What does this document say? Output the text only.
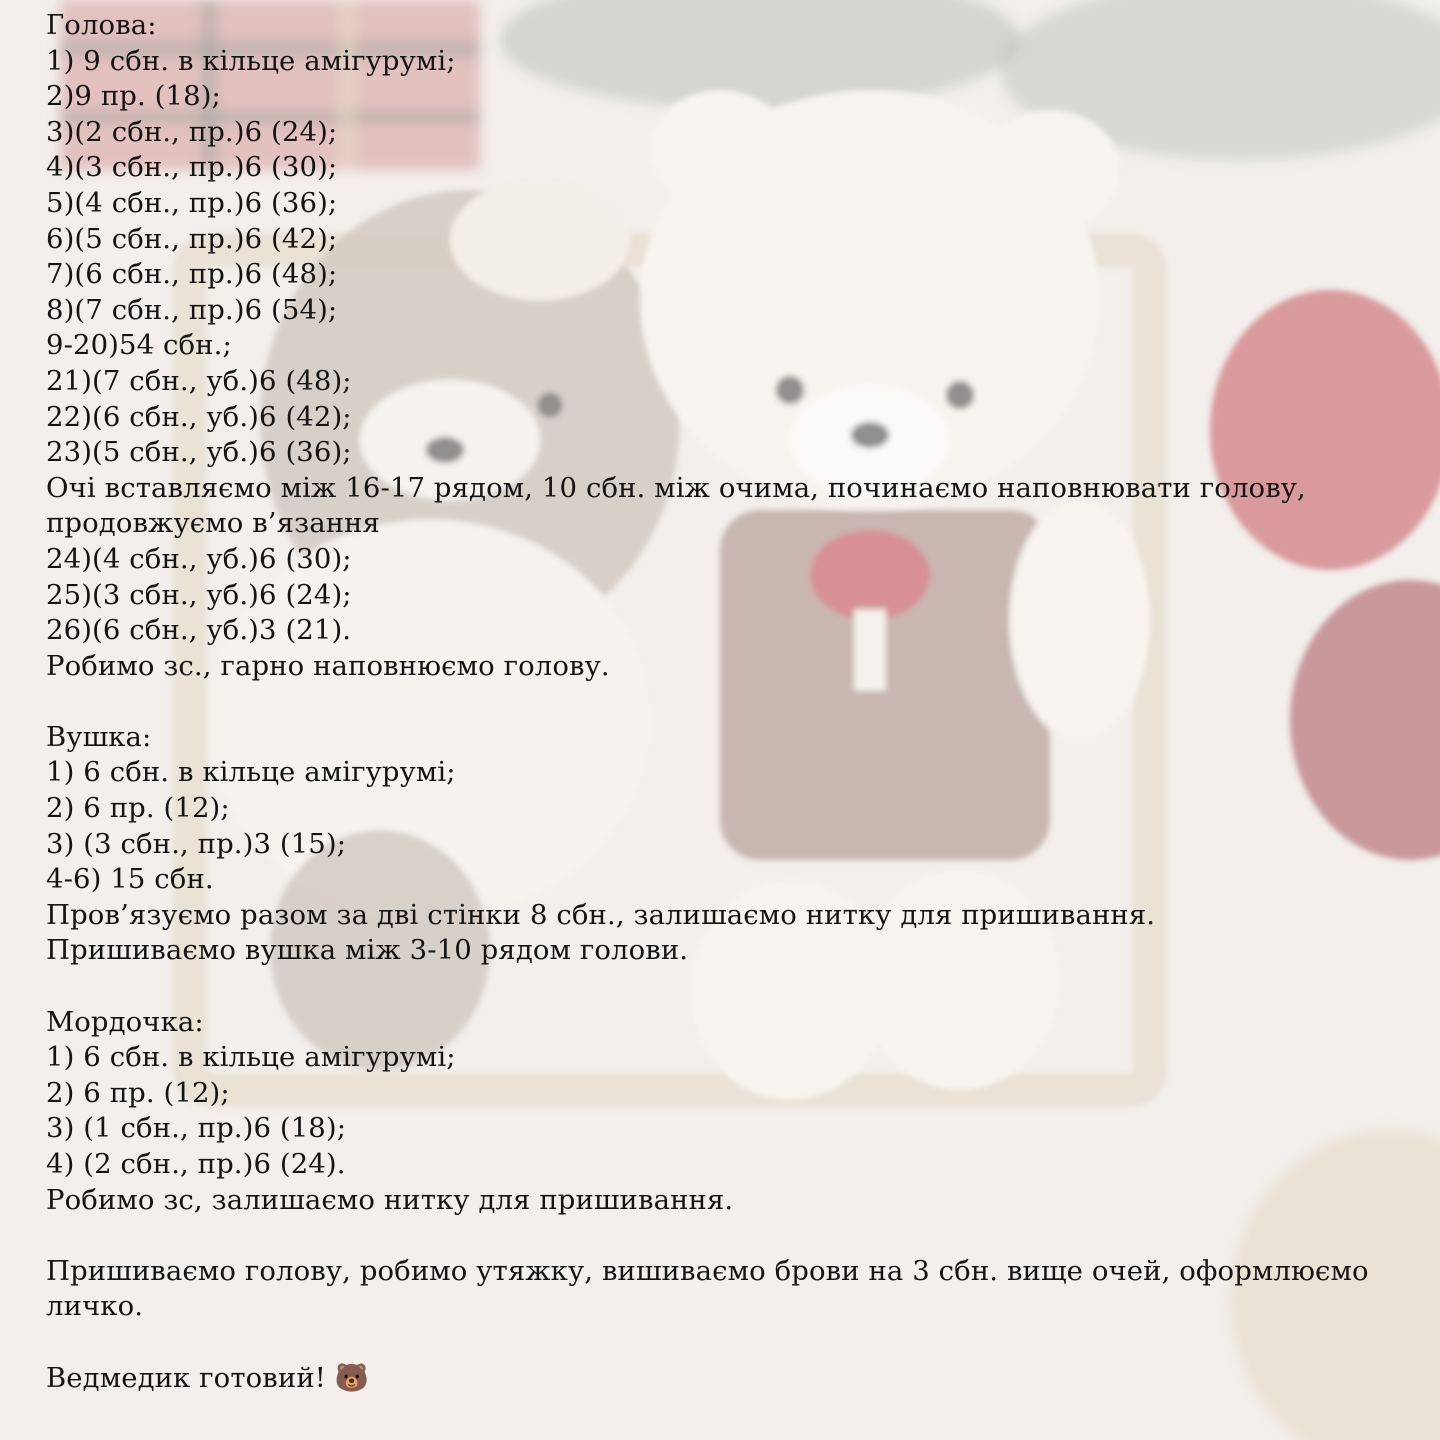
Голова:
1) 9 сбн. в кільце амігурумі;
2)9 пр. (18);
3)(2 сбн., пр.)6 (24);
4)(3 сбн., пр.)6 (30);
5)(4 сбн., пр.)6 (36);
6)(5 сбн., пр.)6 (42);
7)(6 сбн., пр.)6 (48);
8)(7 сбн., пр.)6 (54);
9-20)54 сбн.;
21)(7 сбн., уб.)6 (48);
22)(6 сбн., уб.)6 (42);
23)(5 сбн., уб.)6 (36);
Очі вставляємо між 16-17 рядом, 10 сбн. між очима, починаємо наповнювати голову,
продовжуємо в’язання
24)(4 сбн., уб.)6 (30);
25)(3 сбн., уб.)6 (24);
26)(6 сбн., уб.)3 (21).
Робимо зс., гарно наповнюємо голову.
Вушка:
1) 6 сбн. в кільце амігурумі;
2) 6 пр. (12);
3) (3 сбн., пр.)3 (15);
4-6) 15 сбн.
Пров’язуємо разом за дві стінки 8 сбн., залишаємо нитку для пришивання.
Пришиваємо вушка між 3-10 рядом голови.
Мордочка:
1) 6 сбн. в кільце амігурумі;
2) 6 пр. (12);
3) (1 сбн., пр.)6 (18);
4) (2 сбн., пр.)6 (24).
Робимо зс, залишаємо нитку для пришивання.
Пришиваємо голову, робимо утяжку, вишиваємо брови на 3 сбн. вище очей, оформлюємо
личко.
Ведмедик готовий! 🐻
